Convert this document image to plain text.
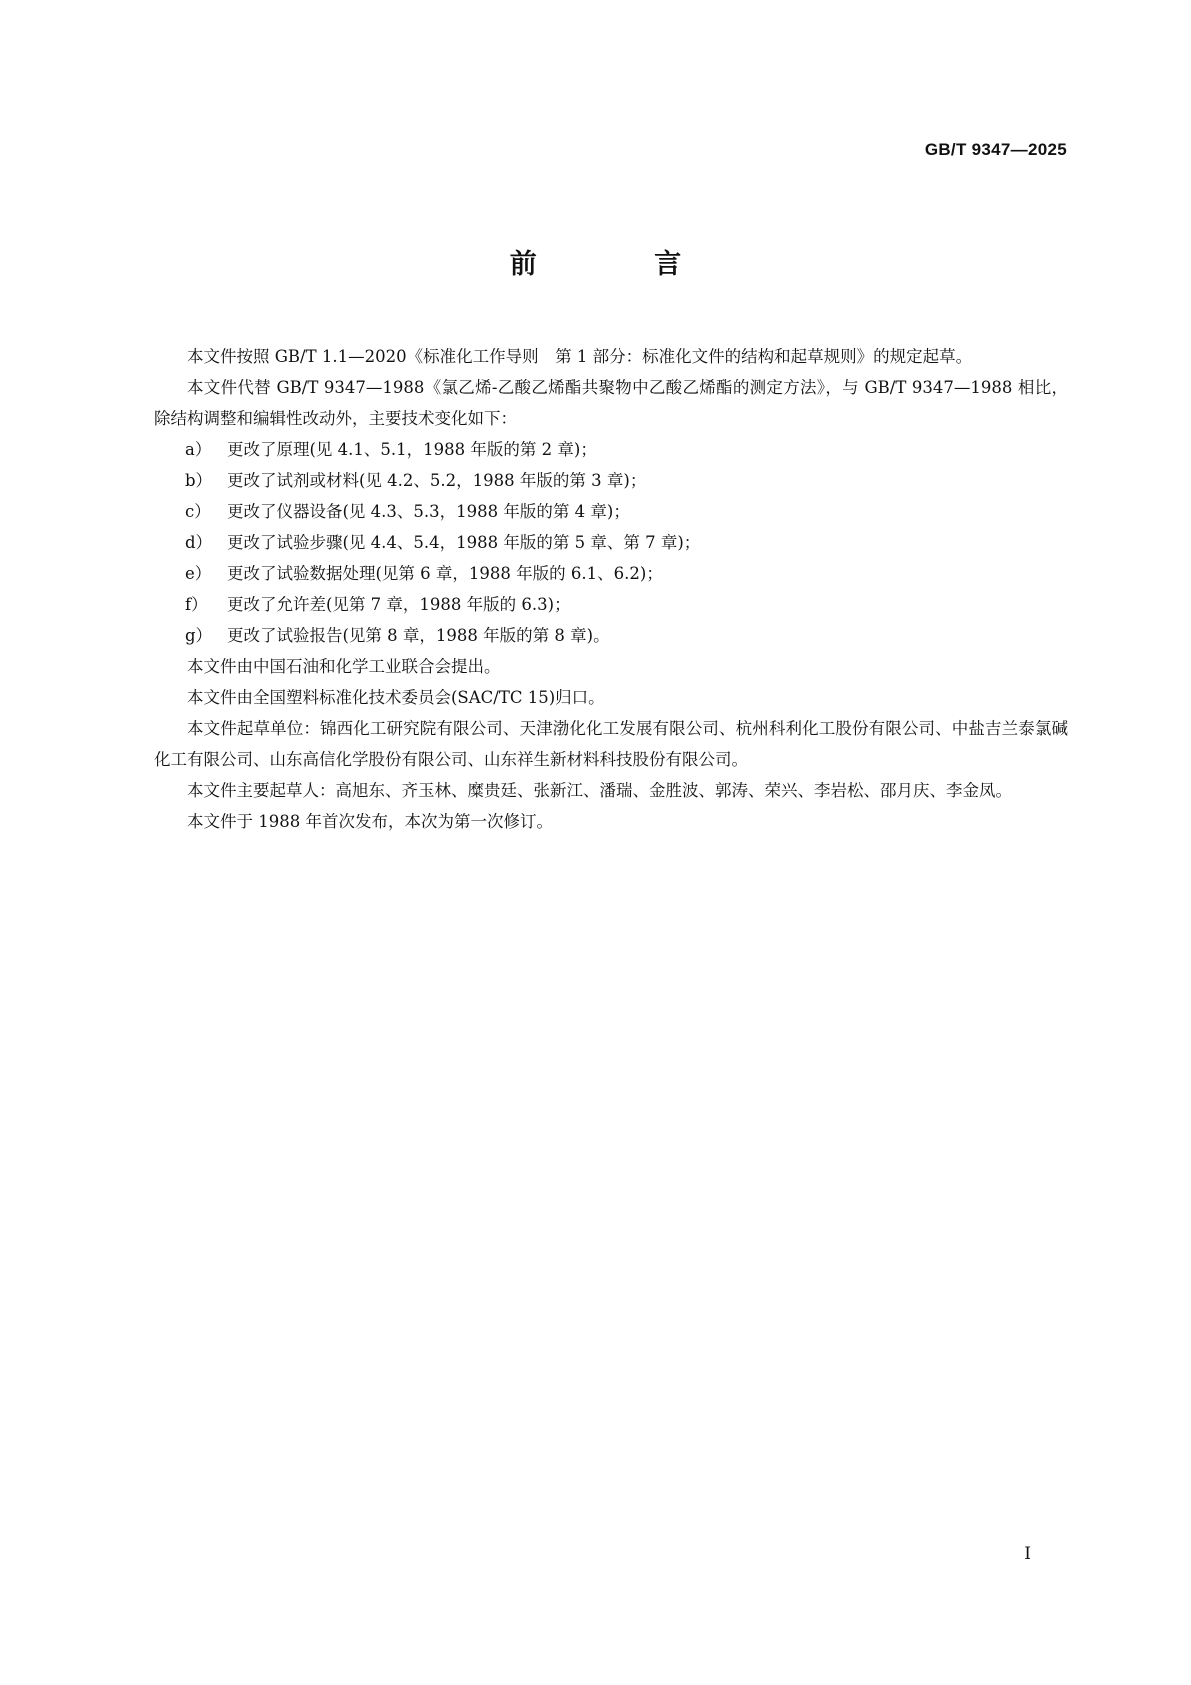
GB/T 9347—2025
前 言

本文件按照 GB/T 1.1—2020《标准化工作导则　第 1 部分：标准化文件的结构和起草规则》的规定起草。

本文件代替 GB/T 9347—1988《氯乙烯-乙酸乙烯酯共聚物中乙酸乙烯酯的测定方法》，与 GB/T 9347—1988 相比，除结构调整和编辑性改动外，主要技术变化如下：

a） 更改了原理(见 4.1、5.1，1988 年版的第 2 章)；
b） 更改了试剂或材料(见 4.2、5.2，1988 年版的第 3 章)；
c） 更改了仪器设备(见 4.3、5.3，1988 年版的第 4 章)；
d） 更改了试验步骤(见 4.4、5.4，1988 年版的第 5 章、第 7 章)；
e） 更改了试验数据处理(见第 6 章，1988 年版的 6.1、6.2)；
f）	更改了允许差(见第 7 章，1988 年版的 6.3)；
g） 更改了试验报告(见第 8 章，1988 年版的第 8 章)。

本文件由中国石油和化学工业联合会提出。

本文件由全国塑料标准化技术委员会(SAC/TC 15)归口。

本文件起草单位：锦西化工研究院有限公司、天津渤化化工发展有限公司、杭州科利化工股份有限公司、中盐吉兰泰氯碱化工有限公司、山东高信化学股份有限公司、山东祥生新材料科技股份有限公司。

本文件主要起草人：高旭东、齐玉林、糜贵廷、张新江、潘瑞、金胜波、郭涛、荣兴、李岩松、邵月庆、李金凤。

本文件于 1988 年首次发布，本次为第一次修订。

I
